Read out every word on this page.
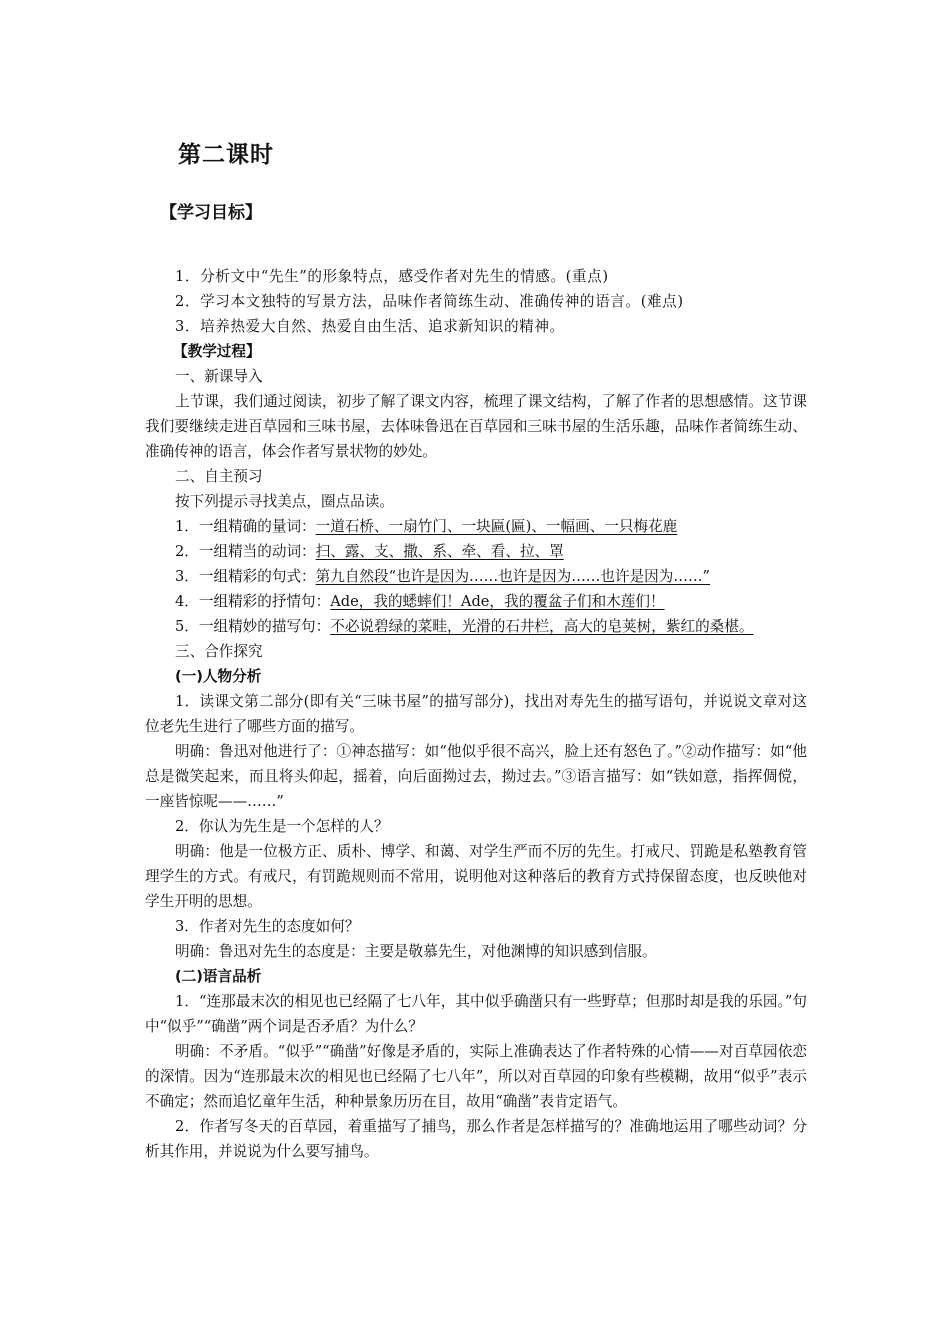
第二课时
【学习目标】

1．分析文中“先生”的形象特点，感受作者对先生的情感。(重点)

2．学习本文独特的写景方法，品味作者简练生动、准确传神的语言。(难点)

3．培养热爱大自然、热爱自由生活、追求新知识的精神。

【教学过程】

一、新课导入

上节课，我们通过阅读，初步了解了课文内容，梳理了课文结构，了解了作者的思想感情。这节课我们要继续走进百草园和三味书屋，去体味鲁迅在百草园和三味书屋的生活乐趣，品味作者简练生动、准确传神的语言，体会作者写景状物的妙处。

二、自主预习

按下列提示寻找美点，圈点品读。

1．一组精确的量词：一道石桥、一扇竹门、一块匾(匾)、一幅画、一只梅花鹿

2．一组精当的动词：扫、露、支、撒、系、牵、看、拉、罩

3．一组精彩的句式：第九自然段“也许是因为……也许是因为……也许是因为……”

4．一组精彩的抒情句：Ade，我的蟋蟀们！Ade，我的覆盆子们和木莲们！

5．一组精妙的描写句：不必说碧绿的菜畦，光滑的石井栏，高大的皂荚树，紫红的桑椹。

三、合作探究

(一)人物分析

1．读课文第二部分(即有关“三味书屋”的描写部分)，找出对寿先生的描写语句，并说说文章对这位老先生进行了哪些方面的描写。

明确：鲁迅对他进行了：①神态描写：如“他似乎很不高兴，脸上还有怒色了。”②动作描写：如“他总是微笑起来，而且将头仰起，摇着，向后面拗过去，拗过去。”③语言描写：如“铁如意，指挥倜傥，一座皆惊呢——……”

2．你认为先生是一个怎样的人？

明确：他是一位极方正、质朴、博学、和蔼、对学生严而不厉的先生。打戒尺、罚跪是私塾教育管理学生的方式。有戒尺，有罚跪规则而不常用，说明他对这种落后的教育方式持保留态度，也反映他对学生开明的思想。

3．作者对先生的态度如何？

明确：鲁迅对先生的态度是：主要是敬慕先生，对他渊博的知识感到信服。

(二)语言品析

1．“连那最末次的相见也已经隔了七八年，其中似乎确凿只有一些野草；但那时却是我的乐园。”句中“似乎”“确凿”两个词是否矛盾？为什么？

明确：不矛盾。“似乎”“确凿”好像是矛盾的，实际上准确表达了作者特殊的心情——对百草园依恋的深情。因为“连那最末次的相见也已经隔了七八年”，所以对百草园的印象有些模糊，故用“似乎”表示不确定；然而追忆童年生活，种种景象历历在目，故用“确凿”表肯定语气。

2．作者写冬天的百草园，着重描写了捕鸟，那么作者是怎样描写的？准确地运用了哪些动词？分析其作用，并说说为什么要写捕鸟。
